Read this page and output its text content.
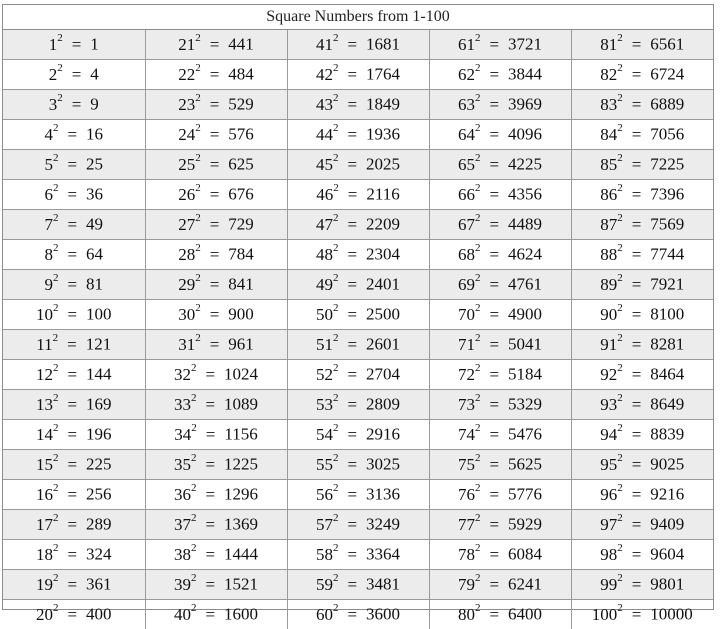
Square Numbers from 1-100
$1^2 = 1$	$21^2 = 441$	$41^2 = 1681$	$61^2 = 3721$	$81^2 = 6561$
$2^2 = 4$	$22^2 = 484$	$42^2 = 1764$	$62^2 = 3844$	$82^2 = 6724$
$3^2 = 9$	$23^2 = 529$	$43^2 = 1849$	$63^2 = 3969$	$83^2 = 6889$
$4^2 = 16$	$24^2 = 576$	$44^2 = 1936$	$64^2 = 4096$	$84^2 = 7056$
$5^2 = 25$	$25^2 = 625$	$45^2 = 2025$	$65^2 = 4225$	$85^2 = 7225$
$6^2 = 36$	$26^2 = 676$	$46^2 = 2116$	$66^2 = 4356$	$86^2 = 7396$
$7^2 = 49$	$27^2 = 729$	$47^2 = 2209$	$67^2 = 4489$	$87^2 = 7569$
$8^2 = 64$	$28^2 = 784$	$48^2 = 2304$	$68^2 = 4624$	$88^2 = 7744$
$9^2 = 81$	$29^2 = 841$	$49^2 = 2401$	$69^2 = 4761$	$89^2 = 7921$
$10^2 = 100$	$30^2 = 900$	$50^2 = 2500$	$70^2 = 4900$	$90^2 = 8100$
$11^2 = 121$	$31^2 = 961$	$51^2 = 2601$	$71^2 = 5041$	$91^2 = 8281$
$12^2 = 144$	$32^2 = 1024$	$52^2 = 2704$	$72^2 = 5184$	$92^2 = 8464$
$13^2 = 169$	$33^2 = 1089$	$53^2 = 2809$	$73^2 = 5329$	$93^2 = 8649$
$14^2 = 196$	$34^2 = 1156$	$54^2 = 2916$	$74^2 = 5476$	$94^2 = 8839$
$15^2 = 225$	$35^2 = 1225$	$55^2 = 3025$	$75^2 = 5625$	$95^2 = 9025$
$16^2 = 256$	$36^2 = 1296$	$56^2 = 3136$	$76^2 = 5776$	$96^2 = 9216$
$17^2 = 289$	$37^2 = 1369$	$57^2 = 3249$	$77^2 = 5929$	$97^2 = 9409$
$18^2 = 324$	$38^2 = 1444$	$58^2 = 3364$	$78^2 = 6084$	$98^2 = 9604$
$19^2 = 361$	$39^2 = 1521$	$59^2 = 3481$	$79^2 = 6241$	$99^2 = 9801$
$20^2 = 400$	$40^2 = 1600$	$60^2 = 3600$	$80^2 = 6400$	$100^2 = 10000$
